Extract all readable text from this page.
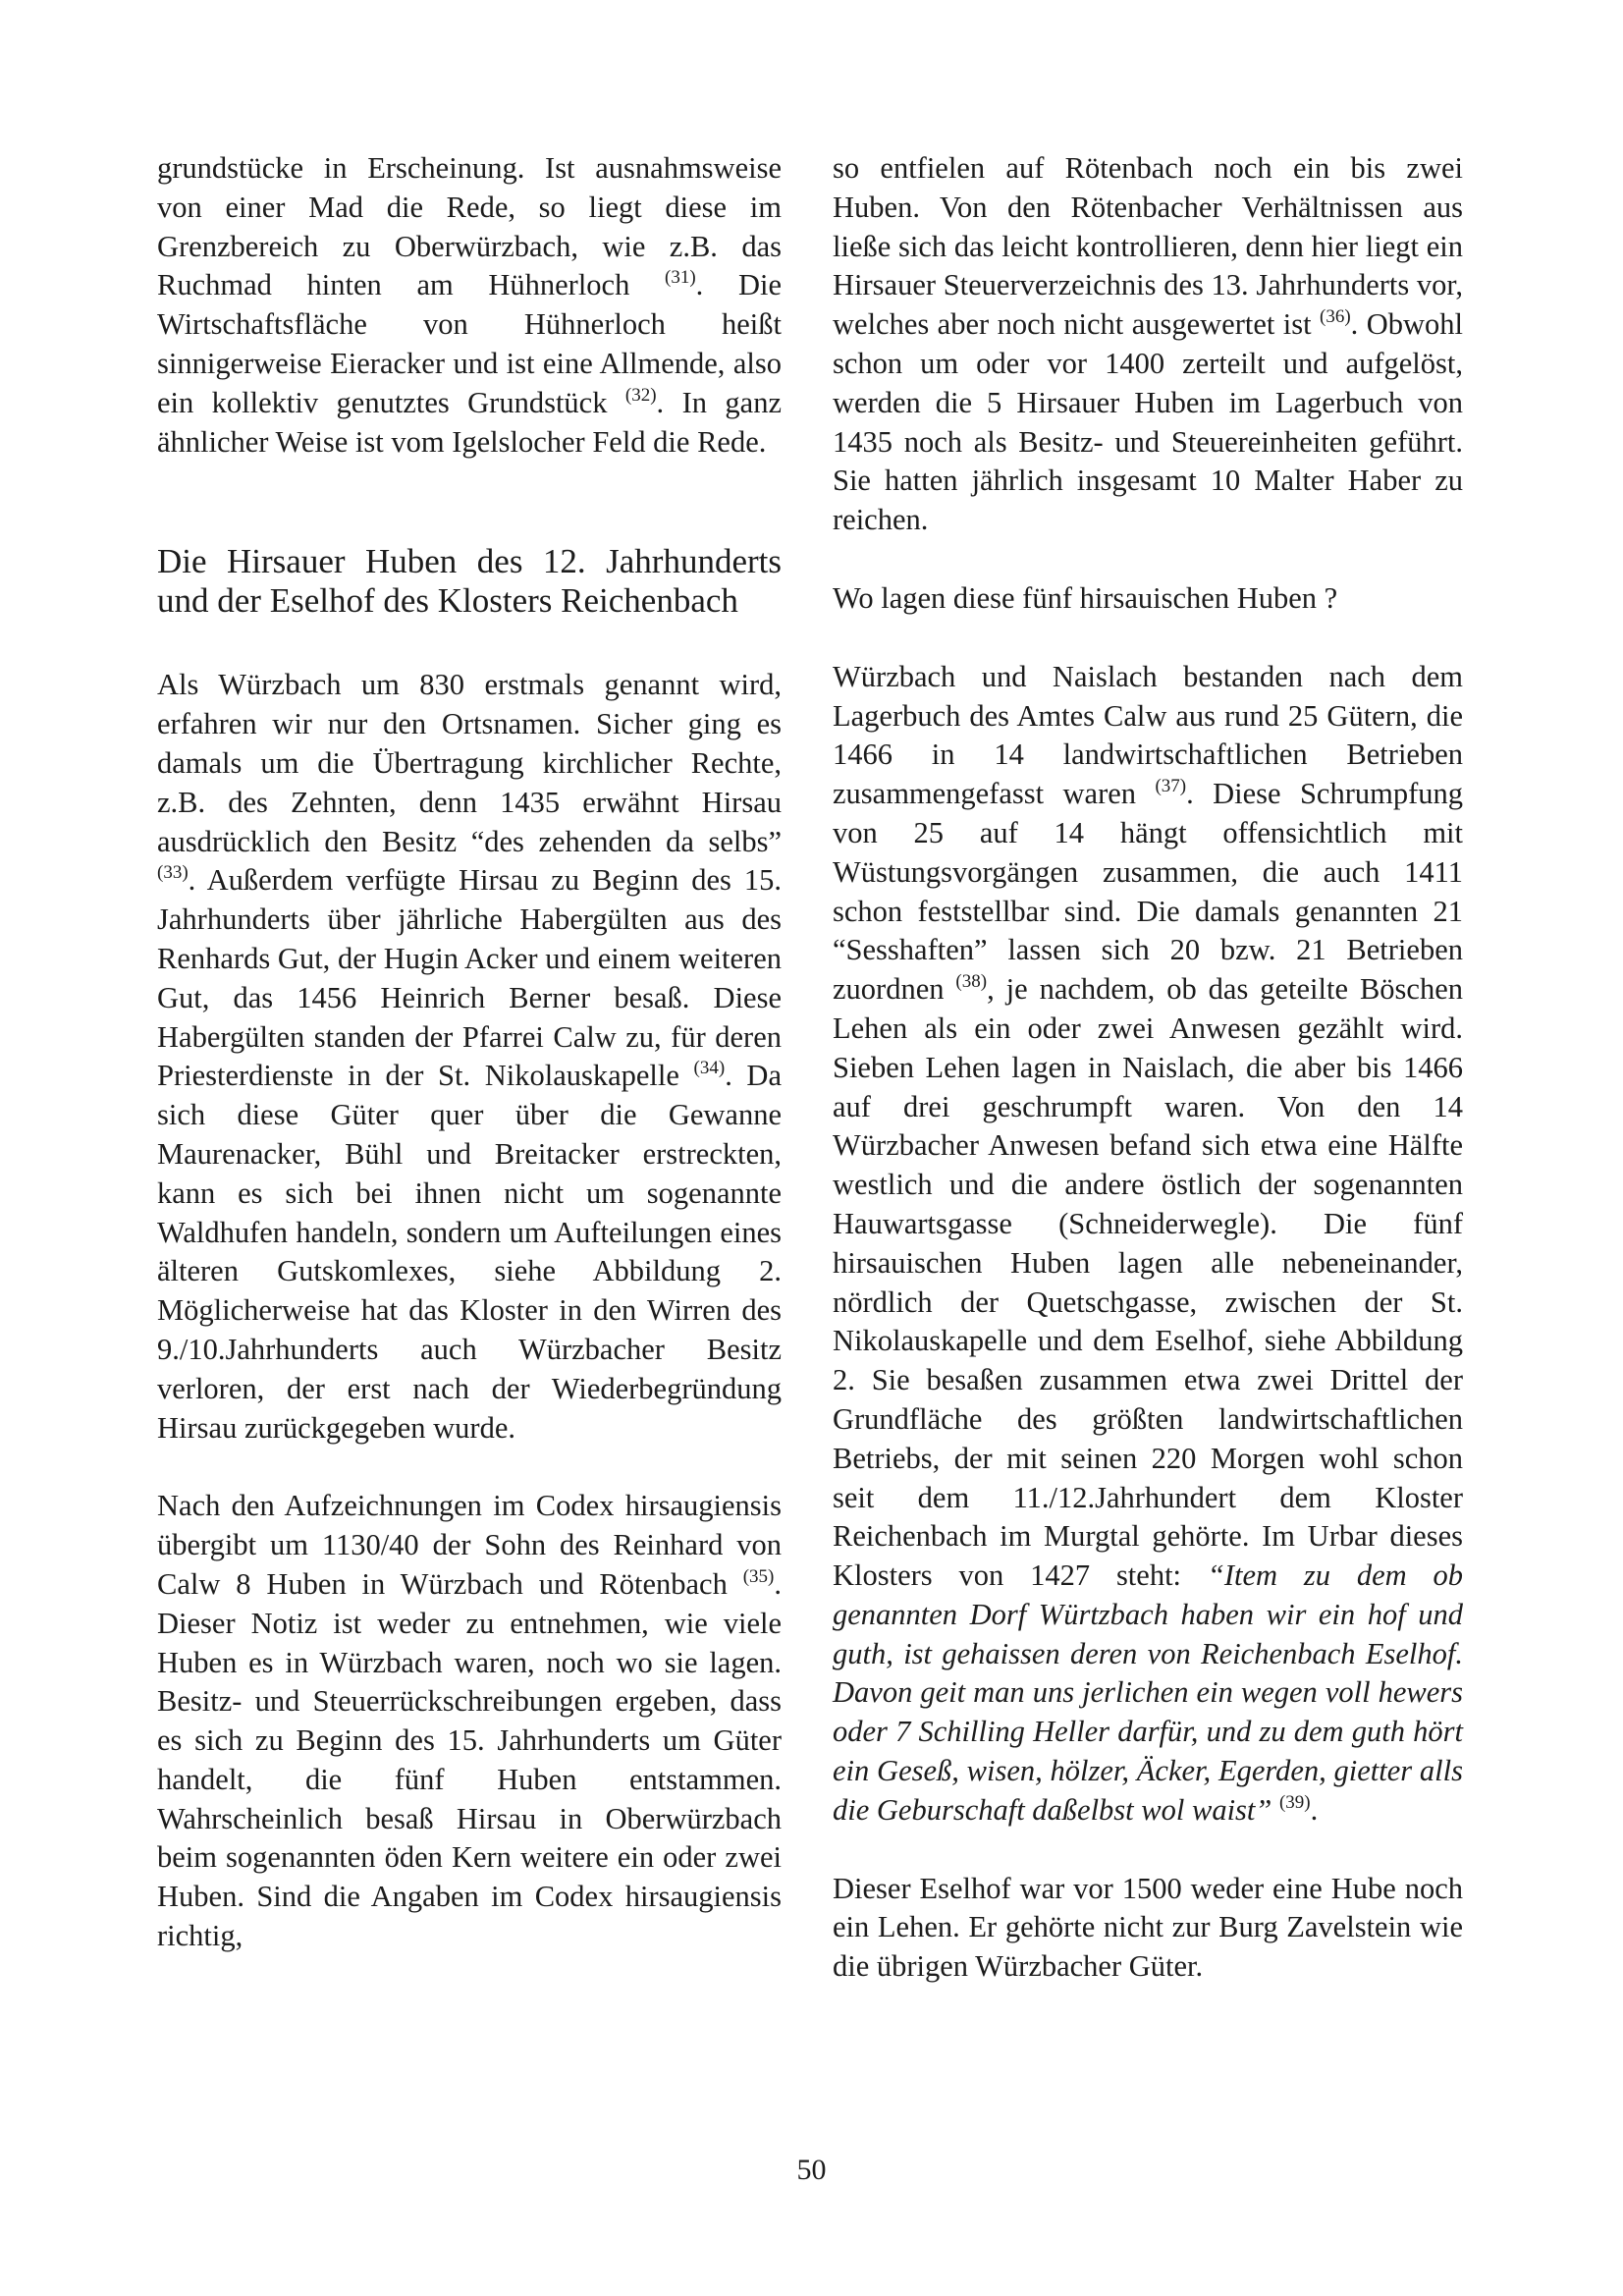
grundstücke in Erscheinung. Ist ausnahmsweise von einer Mad die Rede, so liegt diese im Grenzbereich zu Oberwürzbach, wie z.B. das Ruchmad hinten am Hühnerloch $^{(31)}$. Die Wirtschaftsfläche von Hühnerloch heißt sinnigerweise Eieracker und ist eine Allmende, also ein kollektiv genutztes Grundstück $^{(32)}$. In ganz ähnlicher Weise ist vom Igelslocher Feld die Rede.

Die Hirsauer Huben des 12. Jahrhunderts und der Eselhof des Klosters Reichenbach

Als Würzbach um 830 erstmals genannt wird, erfahren wir nur den Ortsnamen. Sicher ging es damals um die Übertragung kirchlicher Rechte, z.B. des Zehnten, denn 1435 erwähnt Hirsau ausdrücklich den Besitz “des zehenden da selbs” $^{(33)}$. Außerdem verfügte Hirsau zu Beginn des 15. Jahrhunderts über jährliche Habergülten aus des Renhards Gut, der Hugin Acker und einem weiteren Gut, das 1456 Heinrich Berner besaß. Diese Habergülten standen der Pfarrei Calw zu, für deren Priesterdienste in der St. Nikolauskapelle $^{(34)}$. Da sich diese Güter quer über die Gewanne Maurenacker, Bühl und Breitacker erstreckten, kann es sich bei ihnen nicht um sogenannte Waldhufen handeln, sondern um Aufteilungen eines älteren Gutskomlexes, siehe Abbildung 2. Möglicherweise hat das Kloster in den Wirren des 9./10.Jahrhunderts auch Würzbacher Besitz verloren, der erst nach der Wiederbegründung Hirsau zurückgegeben wurde.

Nach den Aufzeichnungen im Codex hirsaugiensis übergibt um 1130/40 der Sohn des Reinhard von Calw 8 Huben in Würzbach und Rötenbach $^{(35)}$. Dieser Notiz ist weder zu entnehmen, wie viele Huben es in Würzbach waren, noch wo sie lagen. Besitz- und Steuerrückschreibungen ergeben, dass es sich zu Beginn des 15. Jahrhunderts um Güter handelt, die fünf Huben entstammen. Wahrscheinlich besaß Hirsau in Oberwürzbach beim sogenannten öden Kern weitere ein oder zwei Huben. Sind die Angaben im Codex hirsaugiensis richtig,

so entfielen auf Rötenbach noch ein bis zwei Huben. Von den Rötenbacher Verhältnissen aus ließe sich das leicht kontrollieren, denn hier liegt ein Hirsauer Steuerverzeichnis des 13. Jahrhunderts vor, welches aber noch nicht ausgewertet ist $^{(36)}$. Obwohl schon um oder vor 1400 zerteilt und aufgelöst, werden die 5 Hirsauer Huben im Lagerbuch von 1435 noch als Besitz- und Steuereinheiten geführt. Sie hatten jährlich insgesamt 10 Malter Haber zu reichen.

Wo lagen diese fünf hirsauischen Huben ?

Würzbach und Naislach bestanden nach dem Lagerbuch des Amtes Calw aus rund 25 Gütern, die 1466 in 14 landwirtschaftlichen Betrieben zusammengefasst waren $^{(37)}$. Diese Schrumpfung von 25 auf 14 hängt offensichtlich mit Wüstungsvorgängen zusammen, die auch 1411 schon feststellbar sind. Die damals genannten 21 “Sesshaften” lassen sich 20 bzw. 21 Betrieben zuordnen $^{(38)}$, je nachdem, ob das geteilte Böschen Lehen als ein oder zwei Anwesen gezählt wird. Sieben Lehen lagen in Naislach, die aber bis 1466 auf drei geschrumpft waren. Von den 14 Würzbacher Anwesen befand sich etwa eine Hälfte westlich und die andere östlich der sogenannten Hauwartsgasse (Schneiderwegle). Die fünf hirsauischen Huben lagen alle nebeneinander, nördlich der Quetschgasse, zwischen der St. Nikolauskapelle und dem Eselhof, siehe Abbildung 2. Sie besaßen zusammen etwa zwei Drittel der Grundfläche des größten landwirtschaftlichen Betriebs, der mit seinen 220 Morgen wohl schon seit dem 11./12.Jahrhundert dem Kloster Reichenbach im Murgtal gehörte. Im Urbar dieses Klosters von 1427 steht: “Item zu dem ob genannten Dorf Würtzbach haben wir ein hof und guth, ist gehaissen deren von Reichenbach Eselhof. Davon geit man uns jerlichen ein wegen voll hewers oder 7 Schilling Heller darfür, und zu dem guth hört ein Geseß, wisen, hölzer, Äcker, Egerden, gietter alls die Geburschaft daßelbst wol waist” $^{(39)}$.

Dieser Eselhof war vor 1500 weder eine Hube noch ein Lehen. Er gehörte nicht zur Burg Zavelstein wie die übrigen Würzbacher Güter.

50
